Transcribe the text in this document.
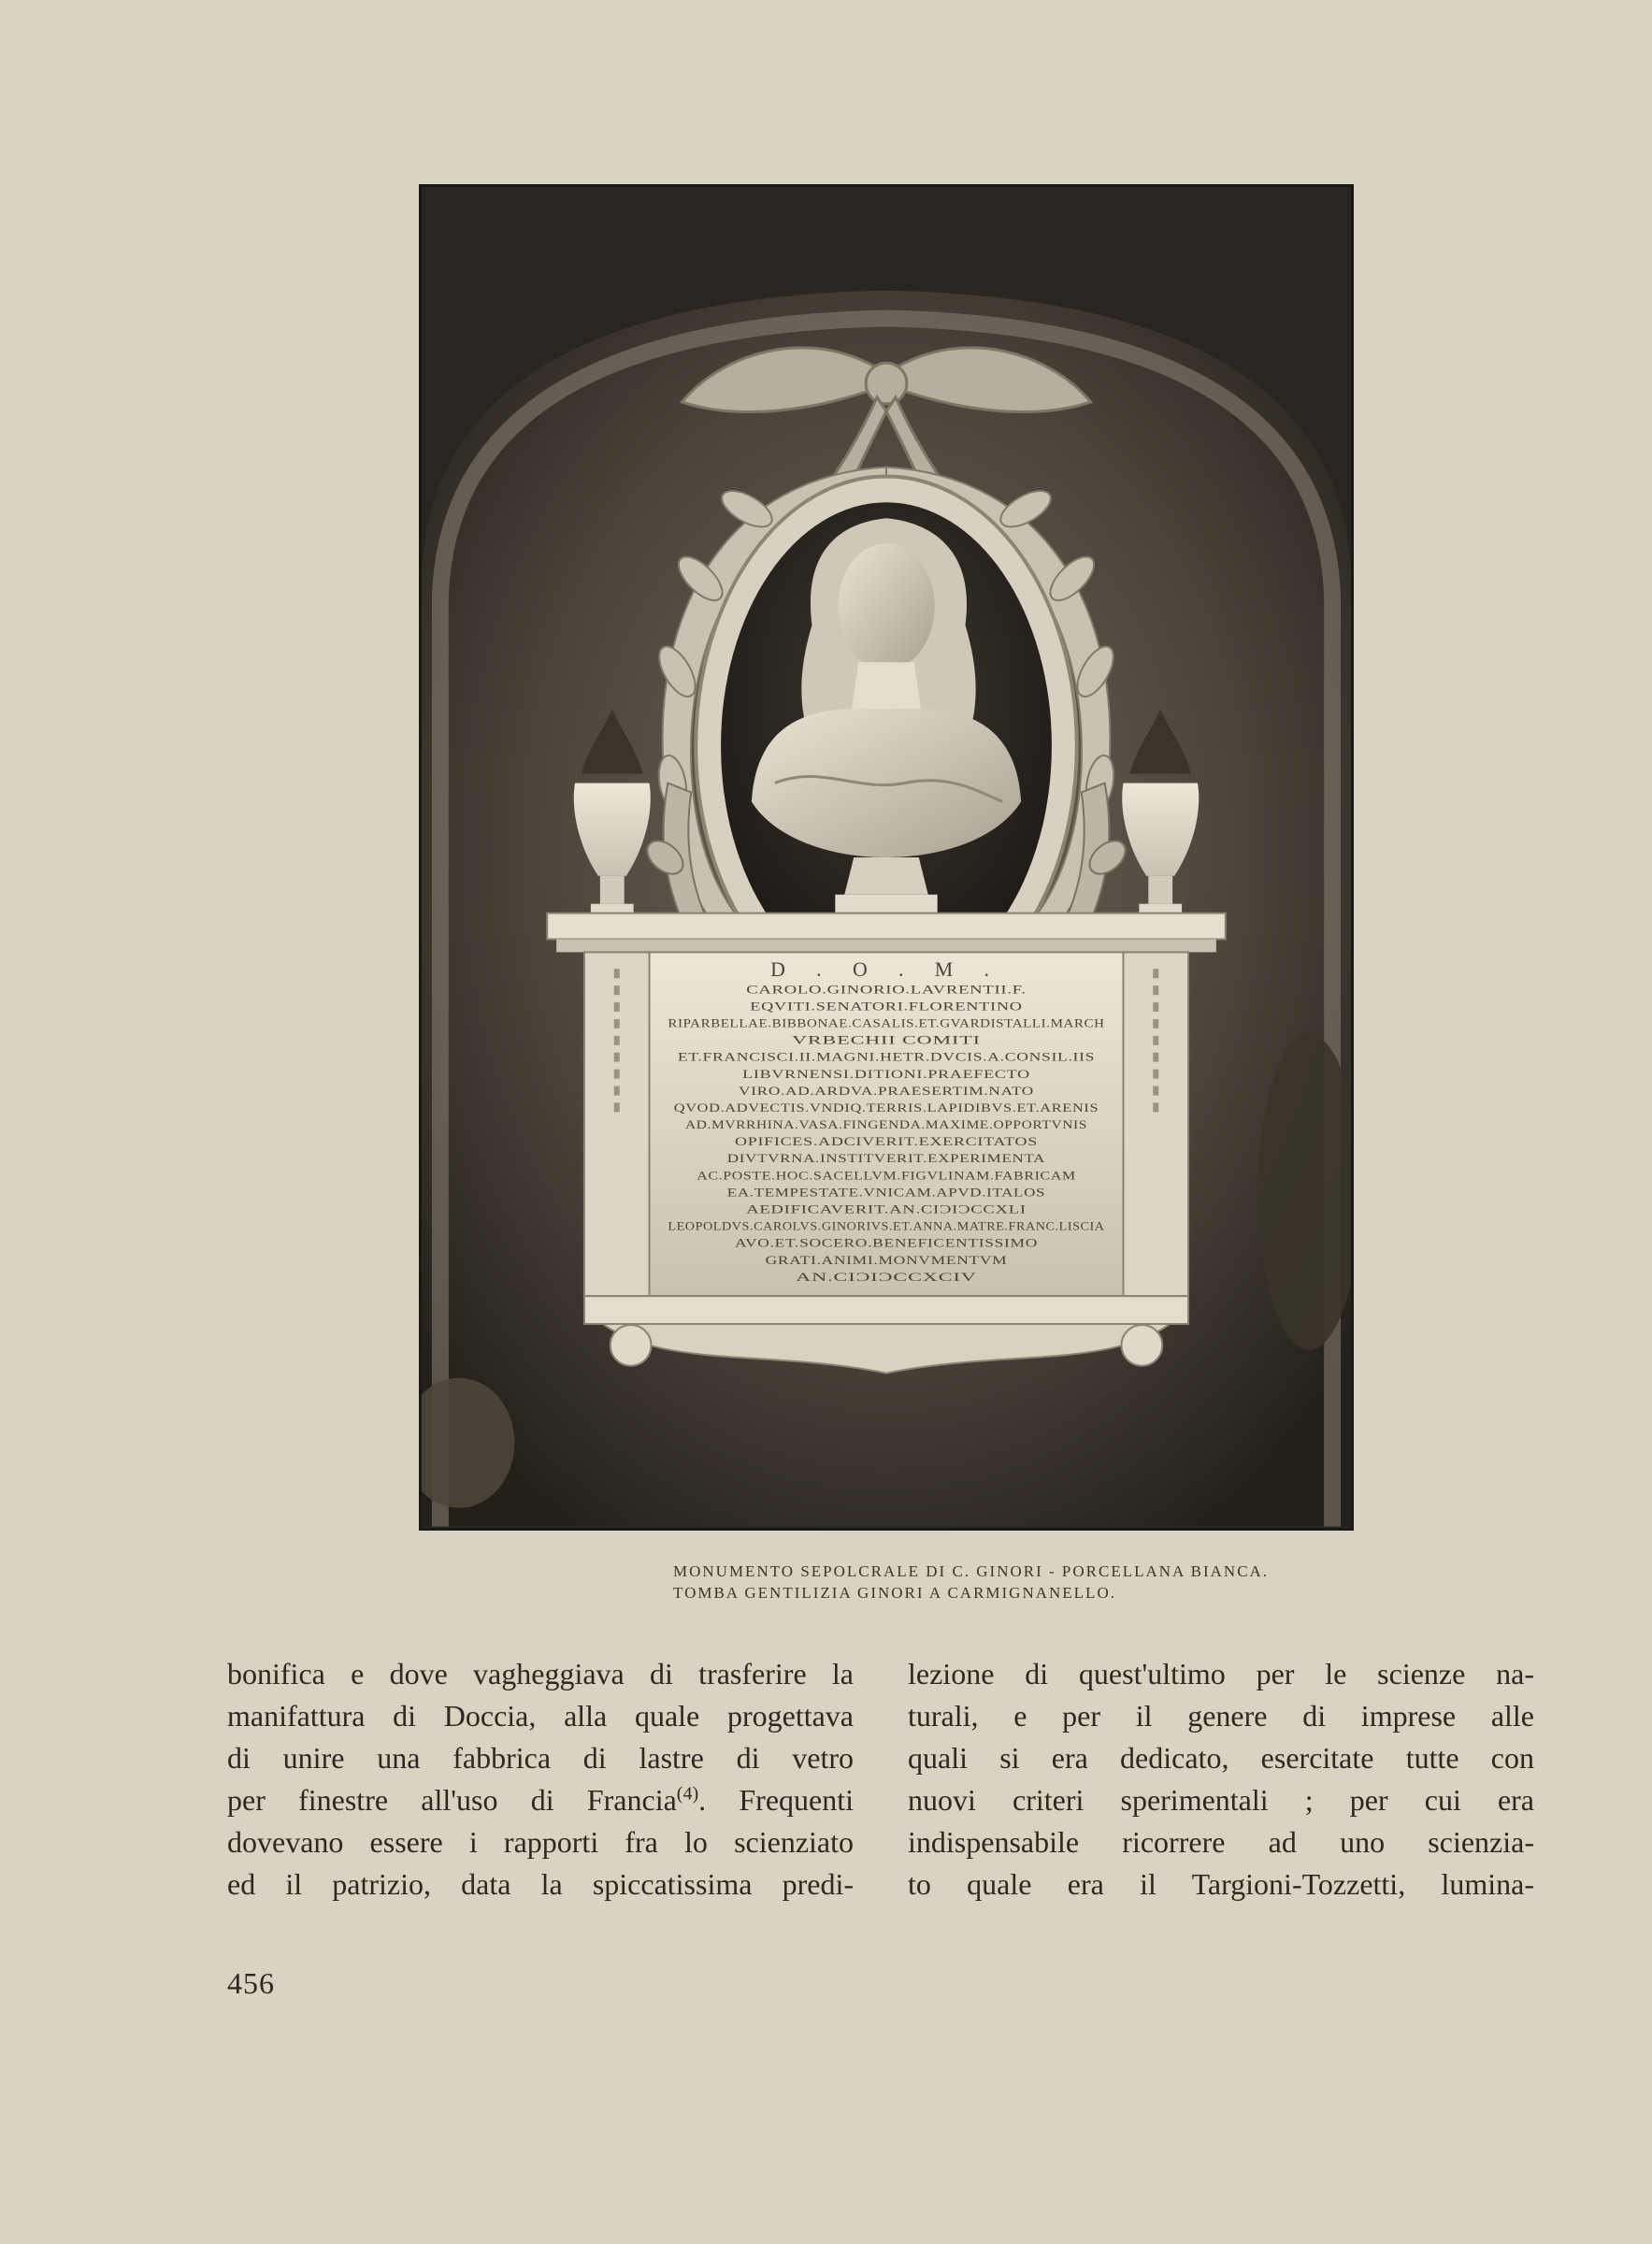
D . O . M .
CAROLO.GINORIO.LAVRENTII.F.
EQVITI.SENATORI.FLORENTINO
RIPARBELLAE.BIBBONAE.CASALIS.ET.GVARDISTALLI.MARCH
VRBECHII COMITI
ET.FRANCISCI.II.MAGNI.HETR.DVCIS.A.CONSIL.IIS
LIBVRNENSI.DITIONI.PRAEFECTO
VIRO.AD.ARDVA.PRAESERTIM.NATO
QVOD.ADVECTIS.VNDIQ.TERRIS.LAPIDIBVS.ET.ARENIS
AD.MVRRHINA.VASA.FINGENDA.MAXIME.OPPORTVNIS
OPIFICES.ADCIVERIT.EXERCITATOS
DIVTVRNA.INSTITVERIT.EXPERIMENTA
AC.POSTE.HOC.SACELLVM.FIGVLINAM.FABRICAM
EA.TEMPESTATE.VNICAM.APVD.ITALOS
AEDIFICAVERIT.AN.CIƆIƆCCXLI
LEOPOLDVS.CAROLVS.GINORIVS.ET.ANNA.MATRE.FRANC.LISCIA
AVO.ET.SOCERO.BENEFICENTISSIMO
GRATI.ANIMI.MONVMENTVM
AN.CIƆIƆCCXCIV
MONUMENTO SEPOLCRALE DI C. GINORI - PORCELLANA BIANCA.
TOMBA GENTILIZIA GINORI A CARMIGNANELLO.
bonifica e dove vagheggiava di trasferire la
manifattura di Doccia, alla quale progettava
di unire una fabbrica di lastre di vetro
per finestre all'uso di Francia$^{(4)}$. Frequenti
dovevano essere i rapporti fra lo scienziato
ed il patrizio, data la spiccatissima predi-
lezione di quest'ultimo per le scienze na-
turali, e per il genere di imprese alle
quali si era dedicato, esercitate tutte con
nuovi criteri sperimentali ; per cui era
indispensabile ricorrere ad uno scienzia-
to quale era il Targioni-Tozzetti, lumina-
456
